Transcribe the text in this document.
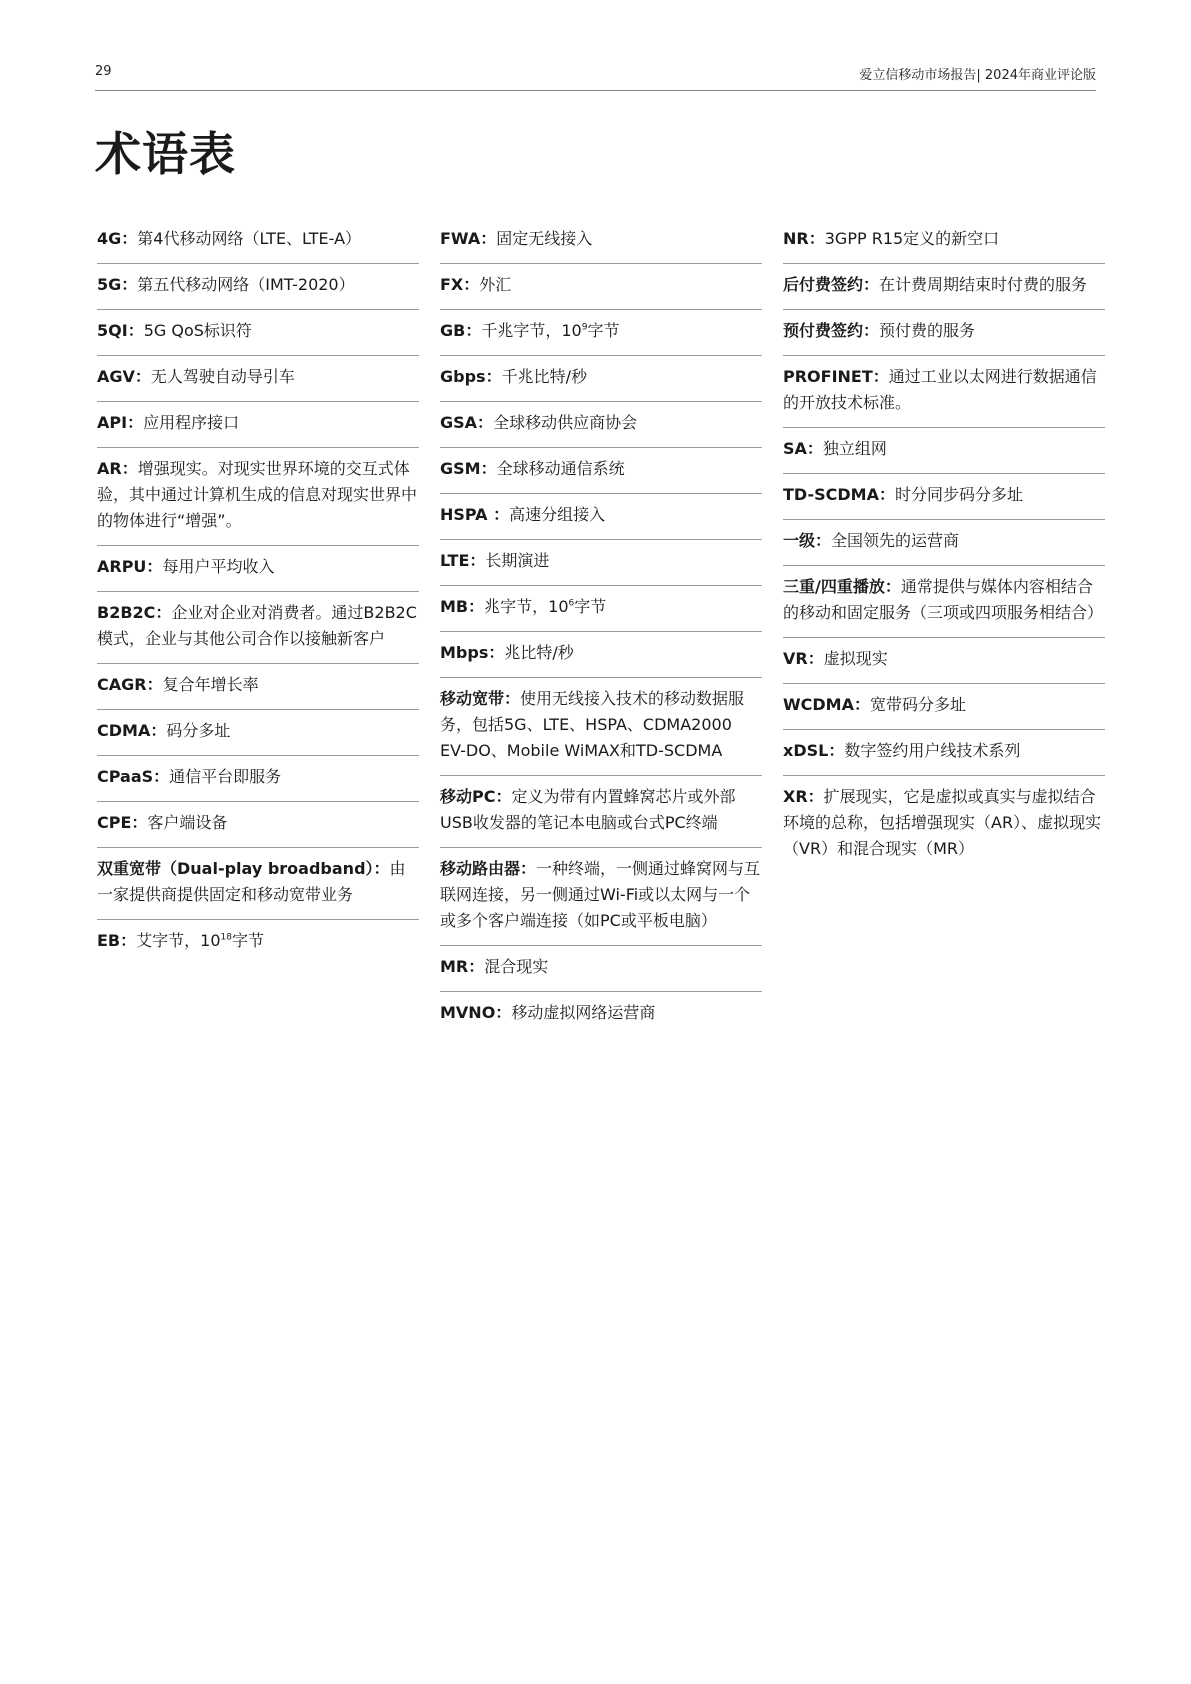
29	爱立信移动市场报告| 2024年商业评论版
术语表
4G：第4代移动网络（LTE、LTE-A）
5G：第五代移动网络（IMT-2020）
5QI：5G QoS标识符
AGV：无人驾驶自动导引车
API：应用程序接口
AR：增强现实。对现实世界环境的交互式体验，其中通过计算机生成的信息对现实世界中的物体进行“增强”。
ARPU：每用户平均收入
B2B2C：企业对企业对消费者。通过B2B2C模式，企业与其他公司合作以接触新客户
CAGR：复合年增长率
CDMA：码分多址
CPaaS：通信平台即服务
CPE：客户端设备
双重宽带（Dual-play broadband）：由一家提供商提供固定和移动宽带业务
EB：艾字节，$10^{18}$字节
FWA：固定无线接入
FX：外汇
GB：千兆字节，$10^9$字节
Gbps：千兆比特/秒
GSA：全球移动供应商协会
GSM：全球移动通信系统
HSPA ：高速分组接入
LTE：长期演进
MB：兆字节，$10^6$字节
Mbps：兆比特/秒
移动宽带：使用无线接入技术的移动数据服务，包括5G、LTE、HSPA、CDMA2000 EV-DO、Mobile WiMAX和TD-SCDMA
移动PC：定义为带有内置蜂窝芯片或外部USB收发器的笔记本电脑或台式PC终端
移动路由器：一种终端，一侧通过蜂窝网与互联网连接，另一侧通过Wi-Fi或以太网与一个或多个客户端连接（如PC或平板电脑）
MR：混合现实
MVNO：移动虚拟网络运营商
NR：3GPP R15定义的新空口
后付费签约：在计费周期结束时付费的服务
预付费签约：预付费的服务
PROFINET：通过工业以太网进行数据通信的开放技术标准。
SA：独立组网
TD-SCDMA：时分同步码分多址
一级：全国领先的运营商
三重/四重播放：通常提供与媒体内容相结合的移动和固定服务（三项或四项服务相结合）
VR：虚拟现实
WCDMA：宽带码分多址
xDSL：数字签约用户线技术系列
XR：扩展现实，它是虚拟或真实与虚拟结合环境的总称，包括增强现实（AR）、虚拟现实（VR）和混合现实（MR）
